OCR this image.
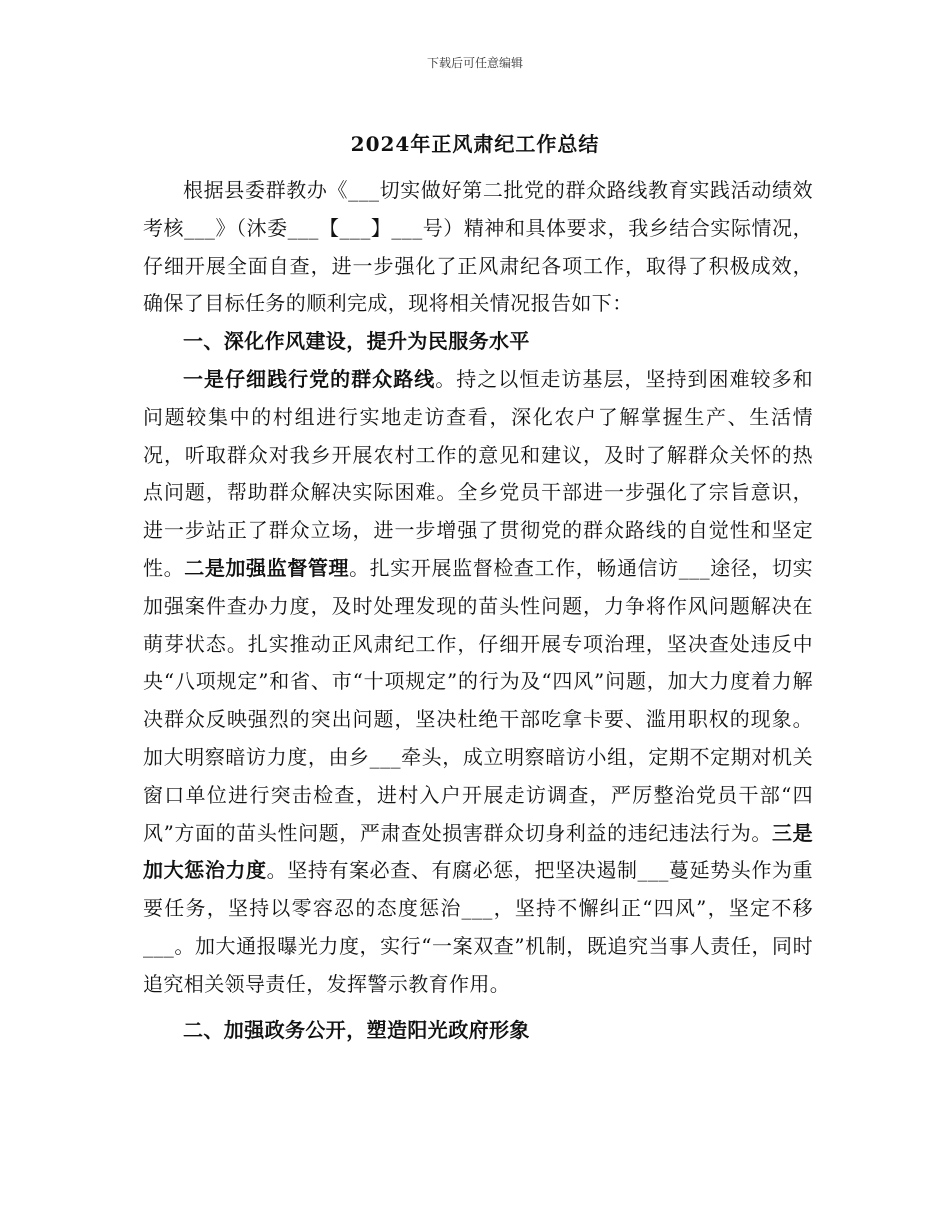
下载后可任意编辑
2024年正风肃纪工作总结

根据县委群教办《___切实做好第二批党的群众路线教育实践活动绩效考核___》（沐委___【___】___号）精神和具体要求，我乡结合实际情况，仔细开展全面自查，进一步强化了正风肃纪各项工作，取得了积极成效，确保了目标任务的顺利完成，现将相关情况报告如下：

一、深化作风建设，提升为民服务水平

一是仔细践行党的群众路线。持之以恒走访基层，坚持到困难较多和问题较集中的村组进行实地走访查看，深化农户了解掌握生产、生活情况，听取群众对我乡开展农村工作的意见和建议，及时了解群众关怀的热点问题，帮助群众解决实际困难。全乡党员干部进一步强化了宗旨意识，进一步站正了群众立场，进一步增强了贯彻党的群众路线的自觉性和坚定性。二是加强监督管理。扎实开展监督检查工作，畅通信访___途径，切实加强案件查办力度，及时处理发现的苗头性问题，力争将作风问题解决在萌芽状态。扎实推动正风肃纪工作，仔细开展专项治理，坚决查处违反中央“八项规定”和省、市“十项规定”的行为及“四风”问题，加大力度着力解决群众反映强烈的突出问题，坚决杜绝干部吃拿卡要、滥用职权的现象。加大明察暗访力度，由乡___牵头，成立明察暗访小组，定期不定期对机关窗口单位进行突击检查，进村入户开展走访调查，严厉整治党员干部“四风”方面的苗头性问题，严肃查处损害群众切身利益的违纪违法行为。三是加大惩治力度。坚持有案必查、有腐必惩，把坚决遏制___蔓延势头作为重要任务，坚持以零容忍的态度惩治___，坚持不懈纠正“四风”，坚定不移___。加大通报曝光力度，实行“一案双查”机制，既追究当事人责任，同时追究相关领导责任，发挥警示教育作用。

二、加强政务公开，塑造阳光政府形象
